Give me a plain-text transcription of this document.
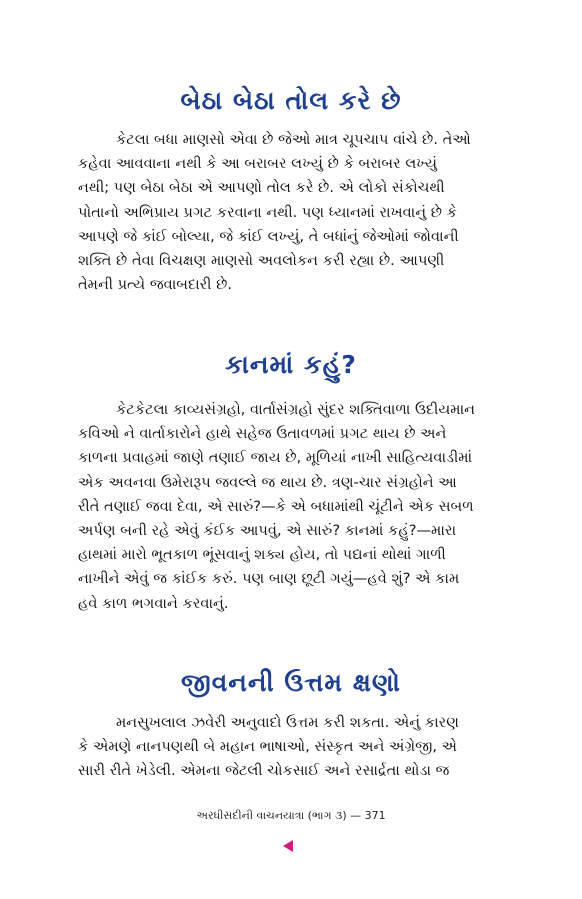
બેઠા બેઠા તોલ કરે છે
કેટલા બધા માણસો એવા છે જેઓ માત્ર ચૂપચાપ વાંચે છે. તેઓ
કહેવા આવવાના નથી કે આ બરાબર લખ્યું છે કે બરાબર લખ્યું
નથી; પણ બેઠા બેઠા એ આપણો તોલ કરે છે. એ લોકો સંકોચથી
પોતાનો અભિપ્રાય પ્રગટ કરવાના નથી. પણ ધ્યાનમાં રાખવાનું છે કે
આપણે જે કાંઈ બોલ્યા, જે કાંઈ લખ્યું, તે બધાંનું જેઓમાં જોવાની
શક્તિ છે તેવા વિચક્ષણ માણસો અવલોકન કરી રહ્યા છે. આપણી
તેમની પ્રત્યે જવાબદારી છે.
કાનમાં કહું?
કેટકેટલા કાવ્યસંગ્રહો, વાર્તાસંગ્રહો સુંદર શક્તિવાળા ઉદીયમાન
કવિઓ ને વાર્તાકારોને હાથે સહેજ ઉતાવળમાં પ્રગટ થાય છે અને
કાળના પ્રવાહમાં જાણે તણાઈ જાય છે, મૂળિયાં નાખી સાહિત્યવાડીમાં
એક અવનવા ઉમેરારૂપ જવલ્લે જ થાય છે. ત્રણ-ચાર સંગ્રહોને આ
રીતે તણાઈ જવા દેવા, એ સારું?—કે એ બધામાંથી ચૂંટીને એક સબળ
અર્પણ બની રહે એવું કંઈક આપવું, એ સારું? કાનમાં કહું?—મારા
હાથમાં મારો ભૂતકાળ ભૂંસવાનું શક્ય હોય, તો પદ્યનાં થોથાં ગાળી
નાખીને એવું જ કાંઈક કરું. પણ બાણ છૂટી ગયું—હવે શું? એ કામ
હવે કાળ ભગવાને કરવાનું.
જીવનની ઉત્તમ ક્ષણો
મનસુખલાલ ઝવેરી અનુવાદો ઉત્તમ કરી શકતા. એનું કારણ
કે એમણે નાનપણથી બે મહાન ભાષાઓ, સંસ્કૃત અને અંગ્રેજી, એ
સારી રીતે ખેડેલી. એમના જેટલી ચોકસાઈ અને રસાર્દ્રતા થોડા જ
અરધીસદીની વાચનયાત્રા (ભાગ ૩) — 371
